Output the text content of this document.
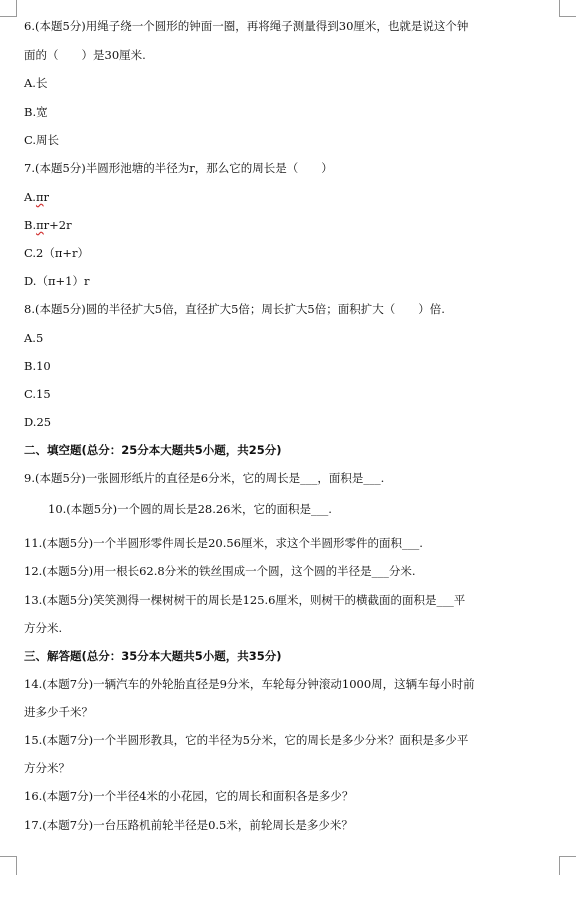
6.(本题5分)用绳子绕一个圆形的钟面一圈，再将绳子测量得到30厘米，也就是说这个钟
面的（　　）是30厘米.
A.长
B.宽
C.周长
7.(本题5分)半圆形池塘的半径为r，那么它的周长是（　　）
A.πr
B.πr+2r
C.2（π+r）
D.（π+1）r
8.(本题5分)圆的半径扩大5倍，直径扩大5倍；周长扩大5倍；面积扩大（　　）倍.
A.5
B.10
C.15
D.25
二、填空题(总分：25分本大题共5小题，共25分)
9.(本题5分)一张圆形纸片的直径是6分米，它的周长是___，面积是___.
10.(本题5分)一个圆的周长是28.26米，它的面积是___.
11.(本题5分)一个半圆形零件周长是20.56厘米，求这个半圆形零件的面积___.
12.(本题5分)用一根长62.8分米的铁丝围成一个圆，这个圆的半径是___分米.
13.(本题5分)笑笑测得一棵树树干的周长是125.6厘米，则树干的横截面的面积是___平
方分米.
三、解答题(总分：35分本大题共5小题，共35分)
14.(本题7分)一辆汽车的外轮胎直径是9分米，车轮每分钟滚动1000周，这辆车每小时前
进多少千米？
15.(本题7分)一个半圆形教具，它的半径为5分米，它的周长是多少分米？面积是多少平
方分米？
16.(本题7分)一个半径4米的小花园，它的周长和面积各是多少？
17.(本题7分)一台压路机前轮半径是0.5米，前轮周长是多少米？
